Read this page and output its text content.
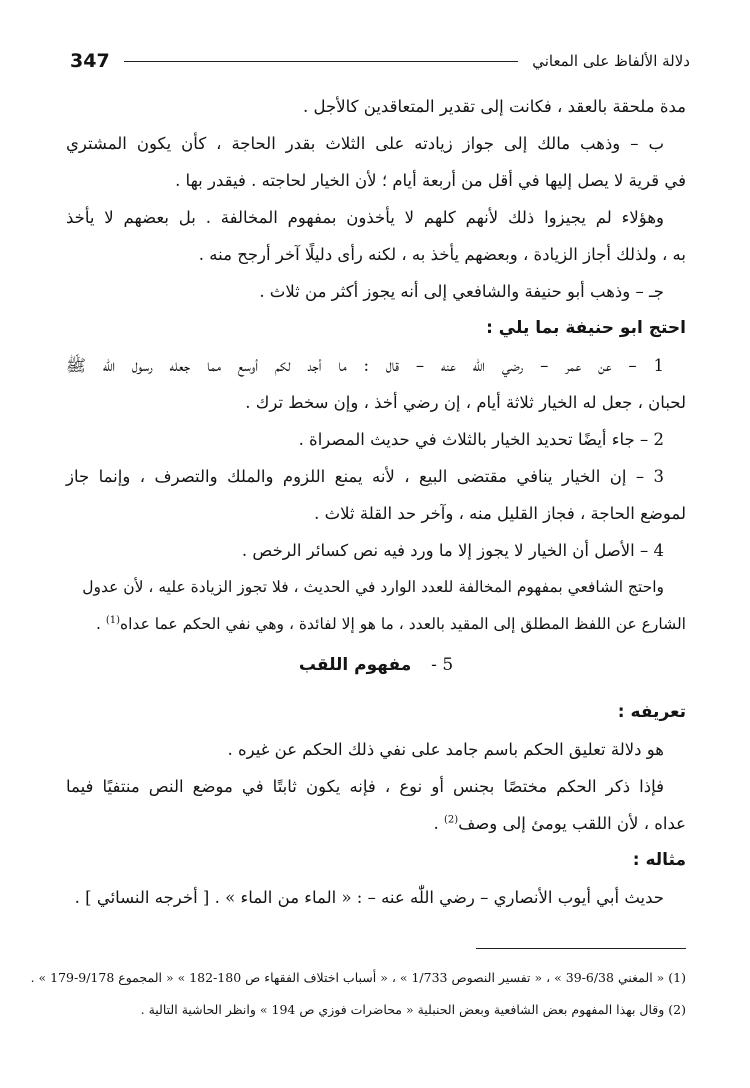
دلالة الألفاظ على المعاني
347
مدة ملحقة بالعقد ، فكانت إلى تقدير المتعاقدين كالأجل .
ب – وذهب مالك إلى جواز زيادته على الثلاث بقدر الحاجة ، كأن يكون المشتري
في قرية لا يصل إليها في أقل من أربعة أيام ؛ لأن الخيار لحاجته . فيقدر بها .
وهؤلاء لم يجيزوا ذلك لأنهم كلهم لا يأخذون بمفهوم المخالفة . بل بعضهم لا يأخذ
به ، ولذلك أجاز الزيادة ، وبعضهم يأخذ به ، لكنه رأى دليلًا آخر أرجح منه .
جـ – وذهب أبو حنيفة والشافعي إلى أنه يجوز أكثر من ثلاث .
احتج ابو حنيفة بما يلي :
1 – عن عمر – رضي اللّٰه عنه – قال : ما أجد لكم أوسع مما جعله رسول اللّٰه ﷺ
لحبان ، جعل له الخيار ثلاثة أيام ، إن رضي أخذ ، وإن سخط ترك .
2 – جاء أيضًا تحديد الخيار بالثلاث في حديث المصراة .
3 – إن الخيار ينافي مقتضى البيع ، لأنه يمنع اللزوم والملك والتصرف ، وإنما جاز
لموضع الحاجة ، فجاز القليل منه ، وآخر حد القلة ثلاث .
4 – الأصل أن الخيار لا يجوز إلا ما ورد فيه نص كسائر الرخص .
واحتج الشافعي بمفهوم المخالفة للعدد الوارد في الحديث ، فلا تجوز الزيادة عليه ، لأن عدول
الشارع عن اللفظ المطلق إلى المقيد بالعدد ، ما هو إلا لفائدة ، وهي نفي الحكم عما عداه$^{(1)}$ .
5 - مفهوم اللقب
تعريفه :
هو دلالة تعليق الحكم باسم جامد على نفي ذلك الحكم عن غيره .
فإذا ذكر الحكم مختصًا بجنس أو نوع ، فإنه يكون ثابتًا في موضع النص منتفيًا فيما
عداه ، لأن اللقب يومئ إلى وصف$^{(2)}$ .
مثاله :
حديث أبي أيوب الأنصاري – رضي اللّٰه عنه – : « الماء من الماء » . [ أخرجه النسائي ] .
(1) « المغني 6/38-39 » ، « تفسير النصوص 1/733 » ، « أسباب اختلاف الفقهاء ص 180-182 » « المجموع 9/178-179 » .
(2) وقال بهذا المفهوم بعض الشافعية وبعض الحنبلية « محاضرات فوزي ص 194 » وانظر الحاشية التالية .
